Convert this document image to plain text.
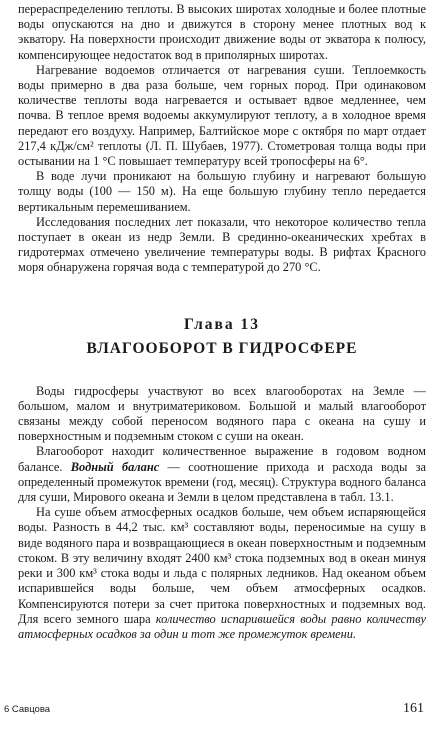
перераспределению теплоты. В высоких широтах холодные и более плотные воды опускаются на дно и движутся в сторону менее плотных вод к экватору. На поверхности происходит движение воды от экватора к полюсу, компенсирующее недостаток вод в приполярных широтах.

Нагревание водоемов отличается от нагревания суши. Теплоемкость воды примерно в два раза больше, чем горных пород. При одинаковом количестве теплоты вода нагревается и остывает вдвое медленнее, чем почва. В теплое время водоемы аккумулируют теплоту, а в холодное время передают его воздуху. Например, Балтийское море с октября по март отдает 217,4 кДж/см² теплоты (Л. П. Шубаев, 1977). Стометровая толща воды при остывании на 1 °С повышает температуру всей тропосферы на 6°.

В воде лучи проникают на большую глубину и нагревают большую толщу воды (100 — 150 м). На еще большую глубину тепло передается вертикальным перемешиванием.

Исследования последних лет показали, что некоторое количество тепла поступает в океан из недр Земли. В срединно-океанических хребтах в гидротермах отмечено увеличение температуры воды. В рифтах Красного моря обнаружена горячая вода с температурой до 270 °С.

Глава 13
ВЛАГООБОРОТ В ГИДРОСФЕРЕ

Воды гидросферы участвуют во всех влагооборотах на Земле — большом, малом и внутриматериковом. Большой и малый влагооборот связаны между собой переносом водяного пара с океана на сушу и поверхностным и подземным стоком с суши на океан.

Влагооборот находит количественное выражение в годовом водном балансе. Водный баланс — соотношение прихода и расхода воды за определенный промежуток времени (год, месяц). Структура водного баланса для суши, Мирового океана и Земли в целом представлена в табл. 13.1.

На суше объем атмосферных осадков больше, чем объем испаряющейся воды. Разность в 44,2 тыс. км³ составляют воды, переносимые на сушу в виде водяного пара и возвращающиеся в океан поверхностным и подземным стоком. В эту величину входят 2400 км³ стока подземных вод в океан минуя реки и 300 км³ стока воды и льда с полярных ледников. Над океаном объем испарившейся воды больше, чем объем атмосферных осадков. Компенсируются потери за счет притока поверхностных и подземных вод. Для всего земного шара количество испарившейся воды равно количеству атмосферных осадков за один и тот же промежуток времени.

6 Савцова	161
